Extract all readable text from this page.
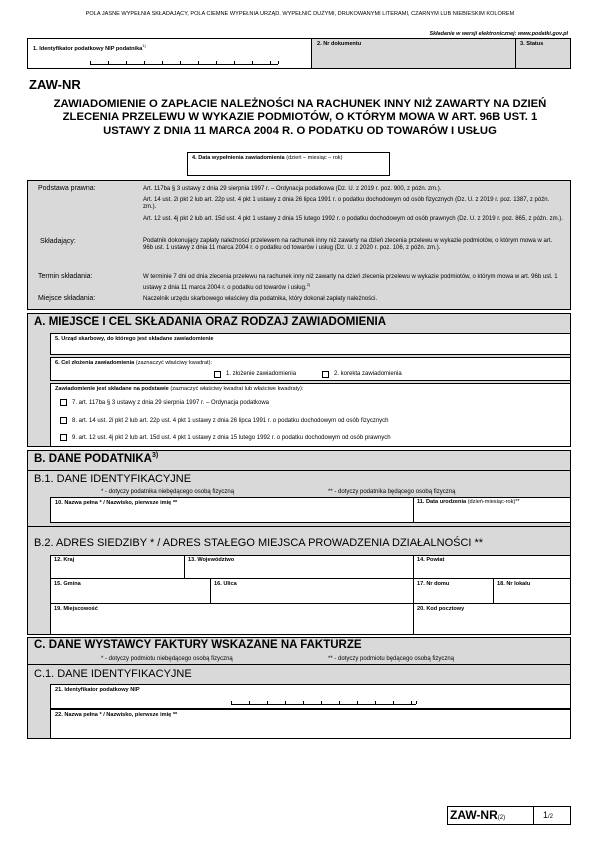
POLA JASNE WYPEŁNIA SKŁADAJĄCY, POLA CIEMNE WYPEŁNIA URZĄD. WYPEŁNIĆ DUŻYMI, DRUKOWANYMI LITERAMI, CZARNYM LUB NIEBIESKIM KOLOREM
Składanie w wersji elektronicznej: www.podatki.gov.pl
1. Identyfikator podatkowy NIP podatnika$^{1)}$	2. Nr dokumentu	3. Status
ZAW-NR
ZAWIADOMIENIE O ZAPŁACIE NALEŻNOŚCI NA RACHUNEK INNY NIŻ ZAWARTY NA DZIEŃ ZLECENIA PRZELEWU W WYKAZIE PODMIOTÓW, O KTÓRYM MOWA W ART. 96B UST. 1 USTAWY Z DNIA 11 MARCA 2004 R. O PODATKU OD TOWARÓW I USŁUG
4. Data wypełnienia zawiadomienia (dzień – miesiąc – rok)
Podstawa prawna:	Art. 117ba § 3 ustawy z dnia 29 sierpnia 1997 r. – Ordynacja podatkowa (Dz. U. z 2019 r. poz. 900, z późn. zm.).
Art. 14 ust. 2i pkt 2 lub art. 22p ust. 4 pkt 1 ustawy z dnia 26 lipca 1991 r. o podatku dochodowym od osób fizycznych (Dz. U. z 2019 r. poz. 1387, z późn. zm.).
Art. 12 ust. 4j pkt 2 lub art. 15d ust. 4 pkt 1 ustawy z dnia 15 lutego 1992 r. o podatku dochodowym od osób prawnych (Dz. U. z 2019 r. poz. 865, z późn. zm.).
Składający:	Podatnik dokonujący zapłaty należności przelewem na rachunek inny niż zawarty na dzień zlecenia przelewu w wykazie podmiotów, o którym mowa w art. 96b ust. 1 ustawy z dnia 11 marca 2004 r. o podatku od towarów i usług (Dz. U. z 2020 r. poz. 106, z późn. zm.).
Termin składania:	W terminie 7 dni od dnia zlecenia przelewu na rachunek inny niż zawarty na dzień zlecenia przelewu w wykazie podmiotów, o którym mowa w art. 96b ust. 1 ustawy z dnia 11 marca 2004 r. o podatku od towarów i usług.$^{2)}$
Miejsce składania:	Naczelnik urzędu skarbowego właściwy dla podatnika, który dokonał zapłaty należności.
A. MIEJSCE I CEL SKŁADANIA ORAZ RODZAJ ZAWIADOMIENIA
5. Urząd skarbowy, do którego jest składane zawiadomienie
6. Cel złożenia zawiadomienia (zaznaczyć właściwy kwadrat):
1. złożenie zawiadomienia	2. korekta zawiadomienia
Zawiadomienie jest składane na podstawie (zaznaczyć właściwy kwadrat lub właściwe kwadraty):
7. art. 117ba § 3 ustawy z dnia 29 sierpnia 1997 r. – Ordynacja podatkowa
8. art. 14 ust. 2i pkt 2 lub art. 22p ust. 4 pkt 1 ustawy z dnia 26 lipca 1991 r. o podatku dochodowym od osób fizycznych
9. art. 12 ust. 4j pkt 2 lub art. 15d ust. 4 pkt 1 ustawy z dnia 15 lutego 1992 r. o podatku dochodowym od osób prawnych
B. DANE PODATNIKA$^{3)}$
B.1. DANE IDENTYFIKACYJNE
* - dotyczy podatnika niebędącego osobą fizyczną	** - dotyczy podatnika będącego osobą fizyczną
10. Nazwa pełna * / Nazwisko, pierwsze imię **	11. Data urodzenia (dzień-miesiąc-rok)**
B.2. ADRES SIEDZIBY * / ADRES STAŁEGO MIEJSCA PROWADZENIA DZIAŁALNOŚCI **
12. Kraj	13. Województwo	14. Powiat
15. Gmina	16. Ulica	17. Nr domu	18. Nr lokalu
19. Miejscowość	20. Kod pocztowy
C. DANE WYSTAWCY FAKTURY WSKAZANE NA FAKTURZE
* - dotyczy podmiotu niebędącego osobą fizyczną	** - dotyczy podmiotu będącego osobą fizyczną
C.1. DANE IDENTYFIKACYJNE
21. Identyfikator podatkowy NIP
22. Nazwa pełna * / Nazwisko, pierwsze imię **
ZAW-NR(2)	1/2
